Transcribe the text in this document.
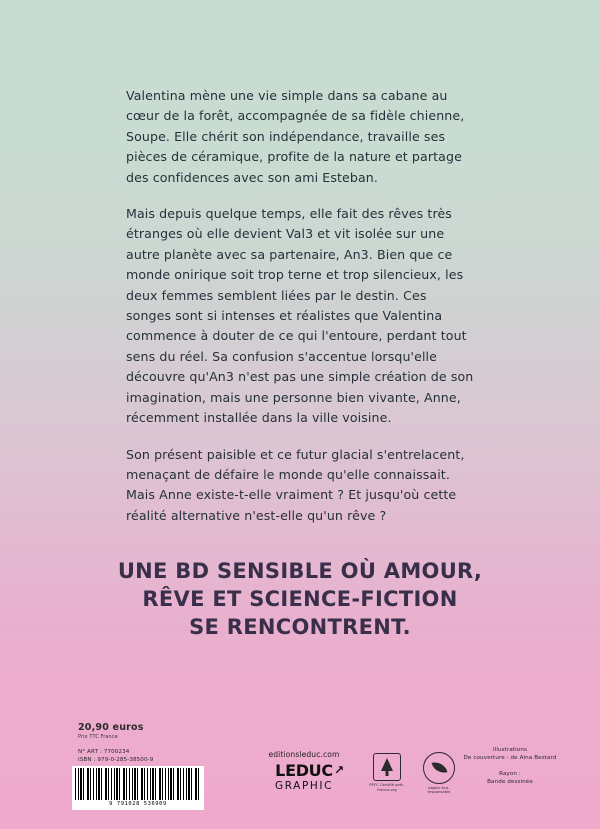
Valentina mène une vie simple dans sa cabane au cœur de la forêt, accompagnée de sa fidèle chienne, Soupe. Elle chérit son indépendance, travaille ses pièces de céramique, profite de la nature et partage des confidences avec son ami Esteban.

Mais depuis quelque temps, elle fait des rêves très étranges où elle devient Val3 et vit isolée sur une autre planète avec sa partenaire, An3. Bien que ce monde onirique soit trop terne et trop silencieux, les deux femmes semblent liées par le destin. Ces songes sont si intenses et réalistes que Valentina commence à douter de ce qui l'entoure, perdant tout sens du réel. Sa confusion s'accentue lorsqu'elle découvre qu'An3 n'est pas une simple création de son imagination, mais une personne bien vivante, Anne, récemment installée dans la ville voisine.

Son présent paisible et ce futur glacial s'entrelacent, menaçant de défaire le monde qu'elle connaissait. Mais Anne existe-t-elle vraiment ? Et jusqu'où cette réalité alternative n'est-elle qu'un rêve ?

UNE BD SENSIBLE OÙ AMOUR,
RÊVE ET SCIENCE-FICTION
SE RENCONTRENT.
20,90 euros
Prix TTC France
N° ART : 7700234
ISBN : 979-0-285-38500-9
9 791028 536909
editionsleduc.com
LEDUC ↗
GRAPHIC	PEFC Certifié pefc-france.org	papier éco-responsable
Illustrations
De couverture : de Aina Bestard
Rayon :
Bande dessinée
